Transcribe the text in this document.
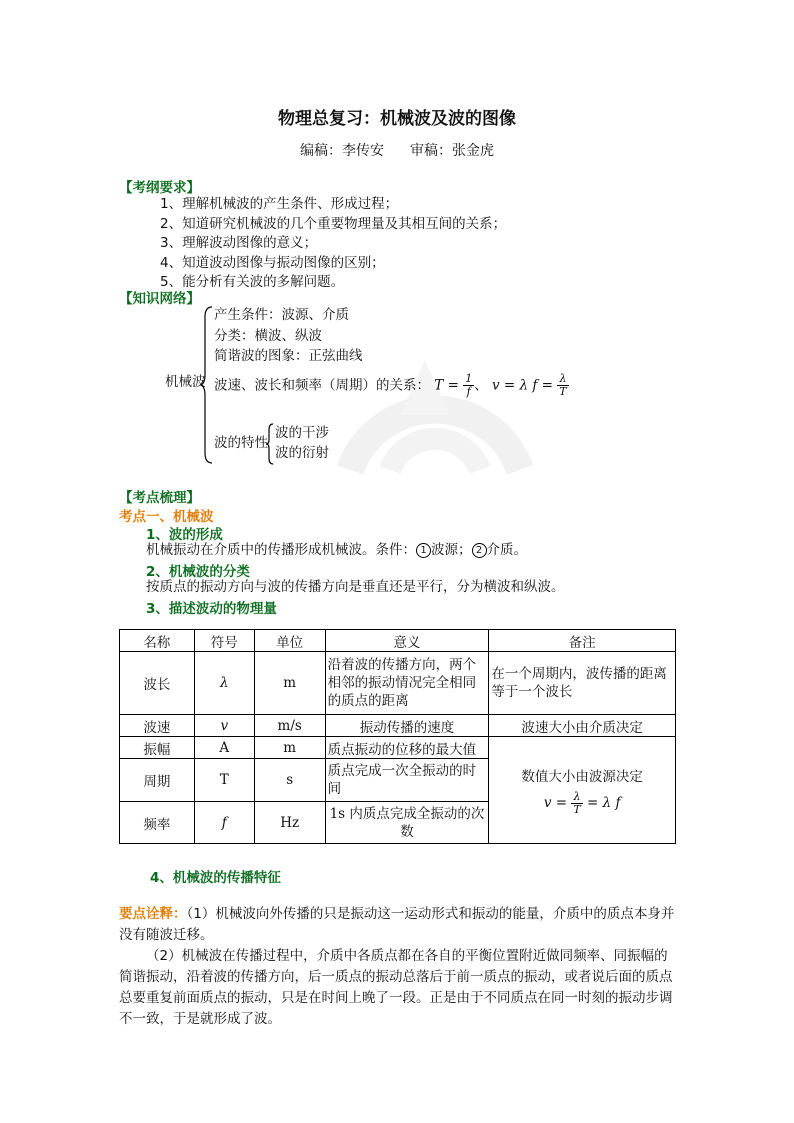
物理总复习：机械波及波的图像
编稿：李传安 审稿：张金虎
【考纲要求】
1、理解机械波的产生条件、形成过程；
2、知道研究机械波的几个重要物理量及其相互间的关系；
3、理解波动图像的意义；
4、知道波动图像与振动图像的区别；
5、能分析有关波的多解问题。
【知识网络】
机械波
产生条件：波源、介质
分类：横波、纵波
简谐波的图象：正弦曲线
波速、波长和频率（周期）的关系： $T = \frac{1}{f}$ 、 v = λ $f = \frac{\lambda}{T}$
波的特性
波的干涉
波的衍射
【考点梳理】
考点一、机械波
1、波的形成
机械振动在介质中的传播形成机械波。条件： 1 波源； 2 介质。
2、机械波的分类
按质点的振动方向与波的传播方向是垂直还是平行，分为横波和纵波。
3、描述波动的物理量
名称	符号	单位	意义	备注
波长	λ	m	沿着波的传播方向，两个相邻的振动情况完全相同的质点的距离	在一个周期内，波传播的距离等于一个波长
波速	v	m/s	振动传播的速度	波速大小由介质决定
振幅	A	m	质点振动的位移的最大值	数值大小由波源决定
$v = \frac{\lambda}{T} = \lambda$ f

周期	T	s	质点完成一次全振动的时间	
频率	f	Hz	1s 内质点完成全振动的次数	
4、机械波的传播特征
要点诠释：（1）机械波向外传播的只是振动这一运动形式和振动的能量，介质中的质点本身并没有随波迁移。
（2）机械波在传播过程中，介质中各质点都在各自的平衡位置附近做同频率、同振幅的简谐振动，沿着波的传播方向，后一质点的振动总落后于前一质点的振动，或者说后面的质点总要重复前面质点的振动，只是在时间上晚了一段。正是由于不同质点在同一时刻的振动步调不一致，于是就形成了波。
